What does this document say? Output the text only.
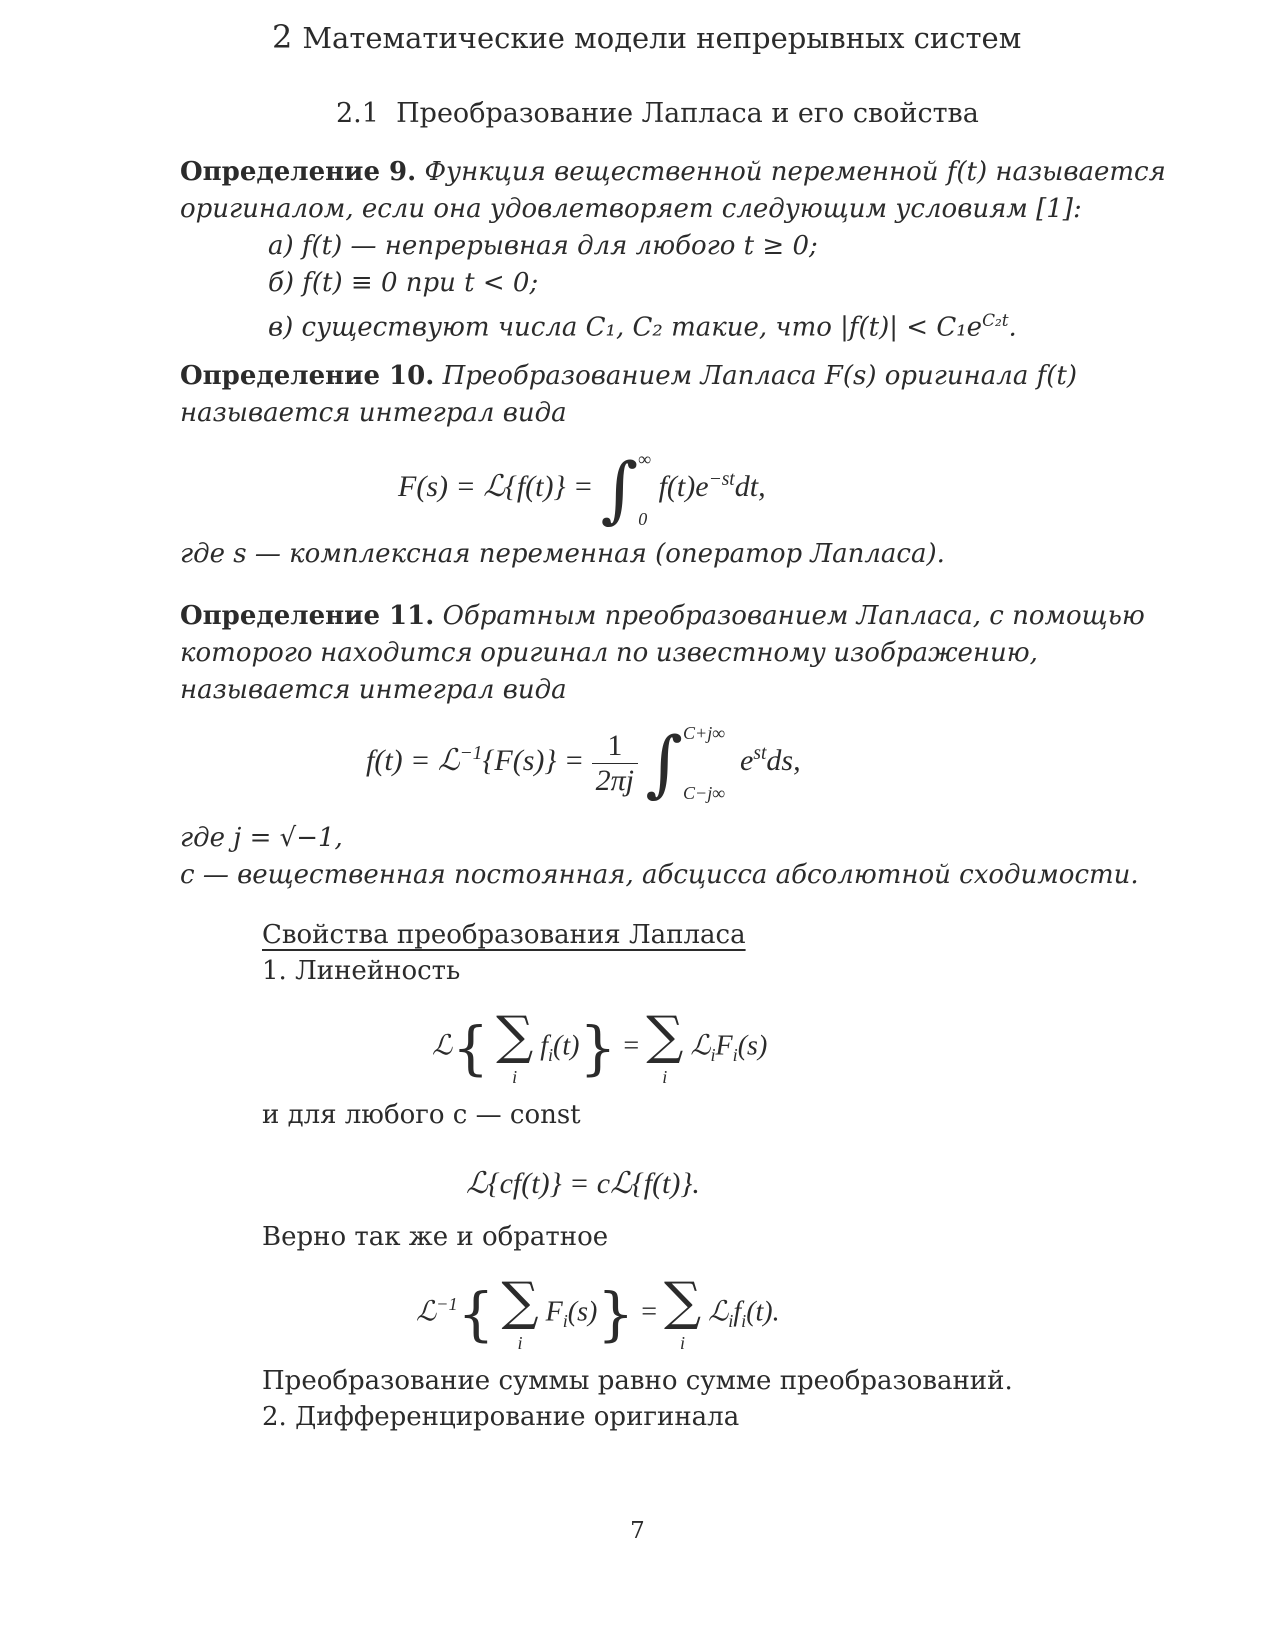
2 Математические модели непрерывных систем
2.1 Преобразование Лапласа и его свойства
Определение 9. Функция вещественной переменной f(t) называется
оригиналом, если она удовлетворяет следующим условиям [1]:
а) f(t) — непрерывная для любого t ≥ 0;
б) f(t) ≡ 0 при t < 0;
в) существуют числа C₁, C₂ такие, что $|f(t)| < C_1e^{C_2t}$.
Определение 10. Преобразованием Лапласа F(s) оригинала f(t)
называется интеграл вида
F(s) = ℒ{f(t)} = ∫ ∞
0
$f(t)e^{-st}dt$,
где s — комплексная переменная (оператор Лапласа).
Определение 11. Обратным преобразованием Лапласа, с помощью
которого находится оригинал по известному изображению,
называется интеграл вида
f(t) = ℒ$^{-1}${F(s)} = $\frac{1}{2\pi j}$ ∫ C+j∞
C−j∞
$e^{st}ds$,
где j = √−1,
c — вещественная постоянная, абсцисса абсолютной сходимости.
Свойства преобразования Лапласа
1. Линейность
ℒ{ ∑
i
$f_i(t)$} = ∑
i
$ℒ_iF_i(s)$
и для любого c — const
ℒ{cf(t)} = cℒ{f(t)}.
Верно так же и обратное
ℒ$^{-1}${ ∑
i
$F_i(s)$} = ∑
i
$ℒ_if_i(t)$.
Преобразование суммы равно сумме преобразований.
2. Дифференцирование оригинала
7
